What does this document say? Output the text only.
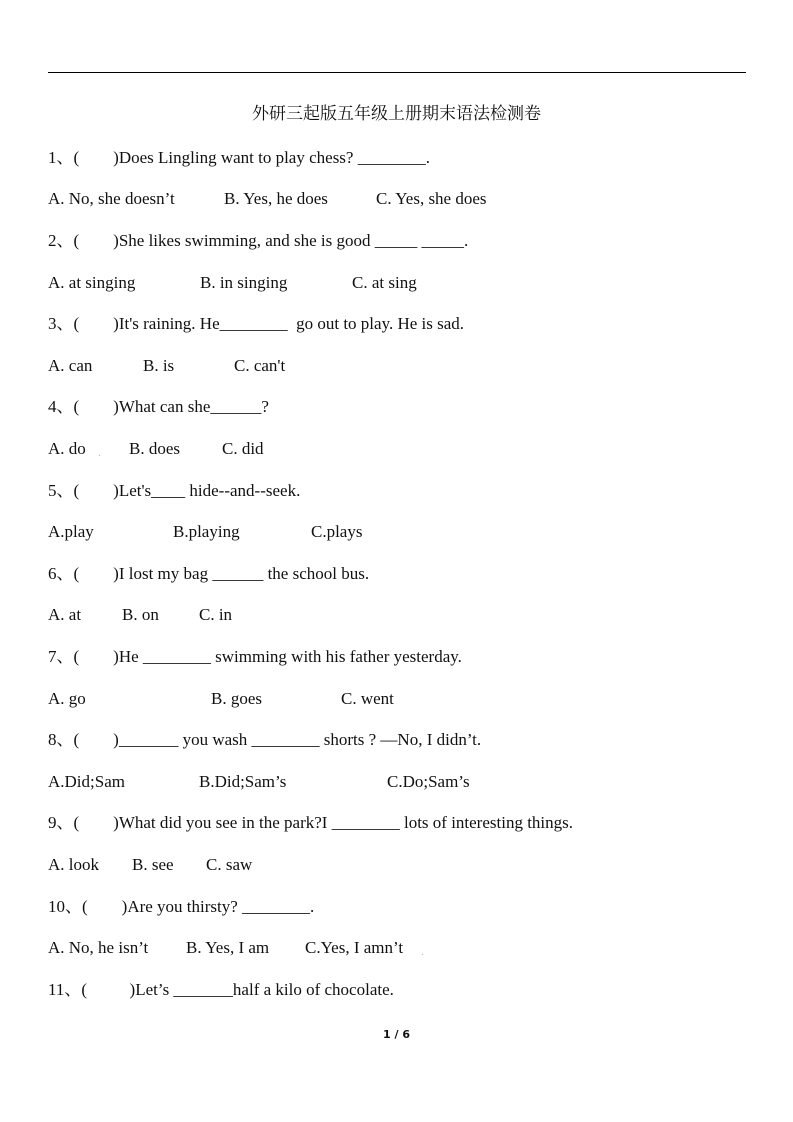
外研三起版五年级上册期末语法检测卷
1、(        )Does Lingling want to play chess? ________.
A. No, she doesn’t	B. Yes, he does	C. Yes, she does
2、(        )She likes swimming, and she is good _____ _____.
A. at singing	B. in singing	C. at sing
3、(        )It's raining. He________  go out to play. He is sad.
A. can	B. is	C. can't
4、(        )What can she______?
A. do . B. does C. did
5、(        )Let's____ hide--and--seek.
A.play	B.playing	C.plays
6、(        )I lost my bag ______ the school bus.
A. at B. on C. in
7、(        )He ________ swimming with his father yesterday.
A. go	B. goes	C. went
8、(        )_______ you wash ________ shorts ? —No, I didn’t.
A.Did;Sam	B.Did;Sam’s	C.Do;Sam’s
9、(        )What did you see in the park?I ________ lots of interesting things.
A. look B. see C. saw
10、(        )Are you thirsty? ________.
A. No, he isn’t B. Yes, I am C.Yes, I amn’t .
11、(          )Let’s _______half a kilo of chocolate.
1 / 6
